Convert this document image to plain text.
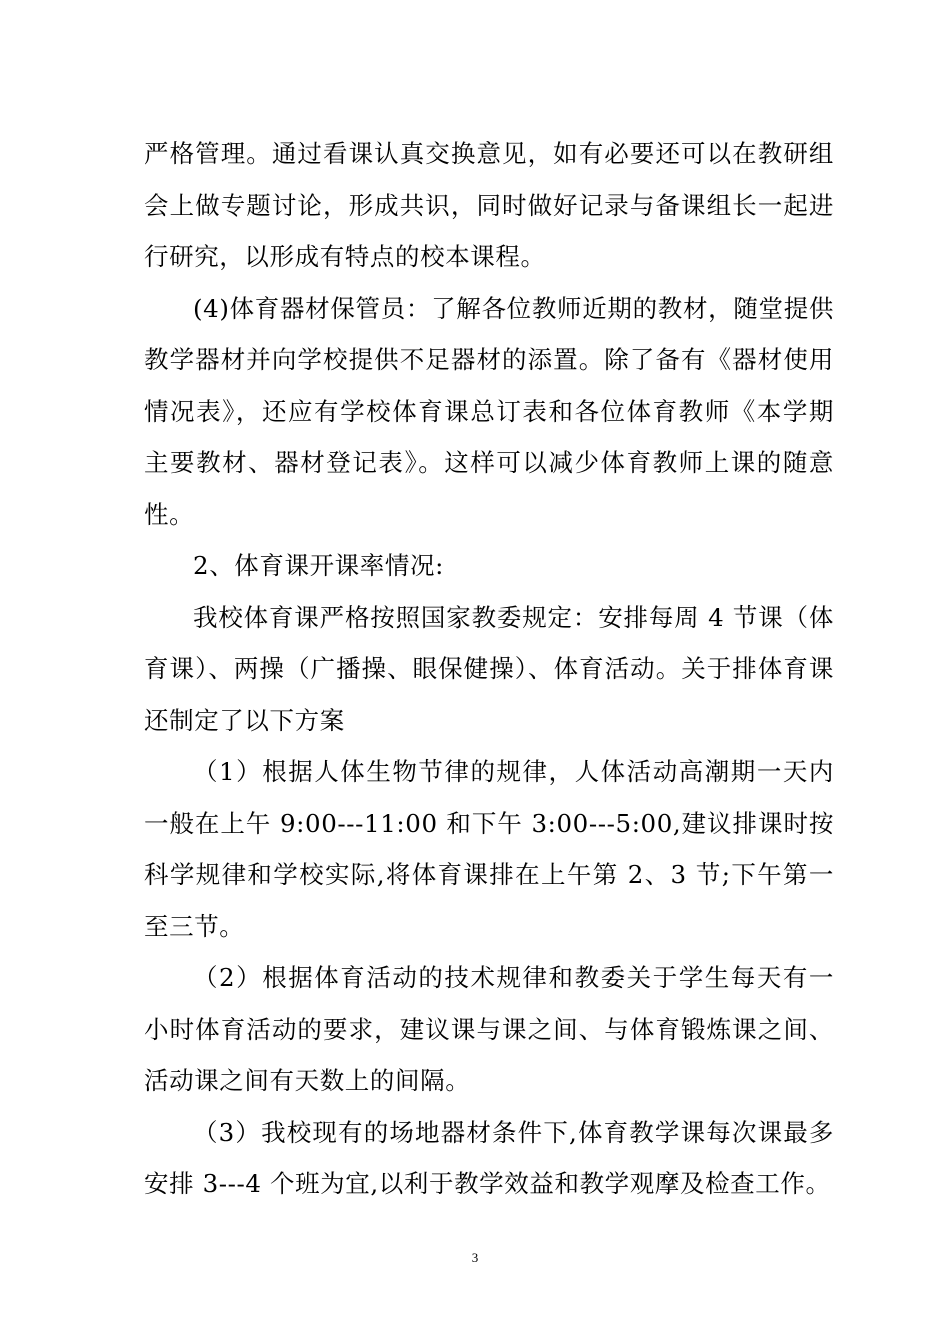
严格管理。通过看课认真交换意见，如有必要还可以在教研组会上做专题讨论，形成共识，同时做好记录与备课组长一起进行研究，以形成有特点的校本课程。

(4)体育器材保管员：了解各位教师近期的教材，随堂提供教学器材并向学校提供不足器材的添置。除了备有《器材使用情况表》，还应有学校体育课总订表和各位体育教师《本学期主要教材、器材登记表》。这样可以减少体育教师上课的随意性。

2、体育课开课率情况:

我校体育课严格按照国家教委规定：安排每周 4 节课（体育课）、两操（广播操、眼保健操）、体育活动。关于排体育课还制定了以下方案

（1）根据人体生物节律的规律，人体活动高潮期一天内一般在上午 9:00---11:00 和下午 3:00---5:00,建议排课时按科学规律和学校实际,将体育课排在上午第 2、3 节;下午第一至三节。

（2）根据体育活动的技术规律和教委关于学生每天有一小时体育活动的要求，建议课与课之间、与体育锻炼课之间、活动课之间有天数上的间隔。

（3）我校现有的场地器材条件下,体育教学课每次课最多安排 3---4 个班为宜,以利于教学效益和教学观摩及检查工作。

3
